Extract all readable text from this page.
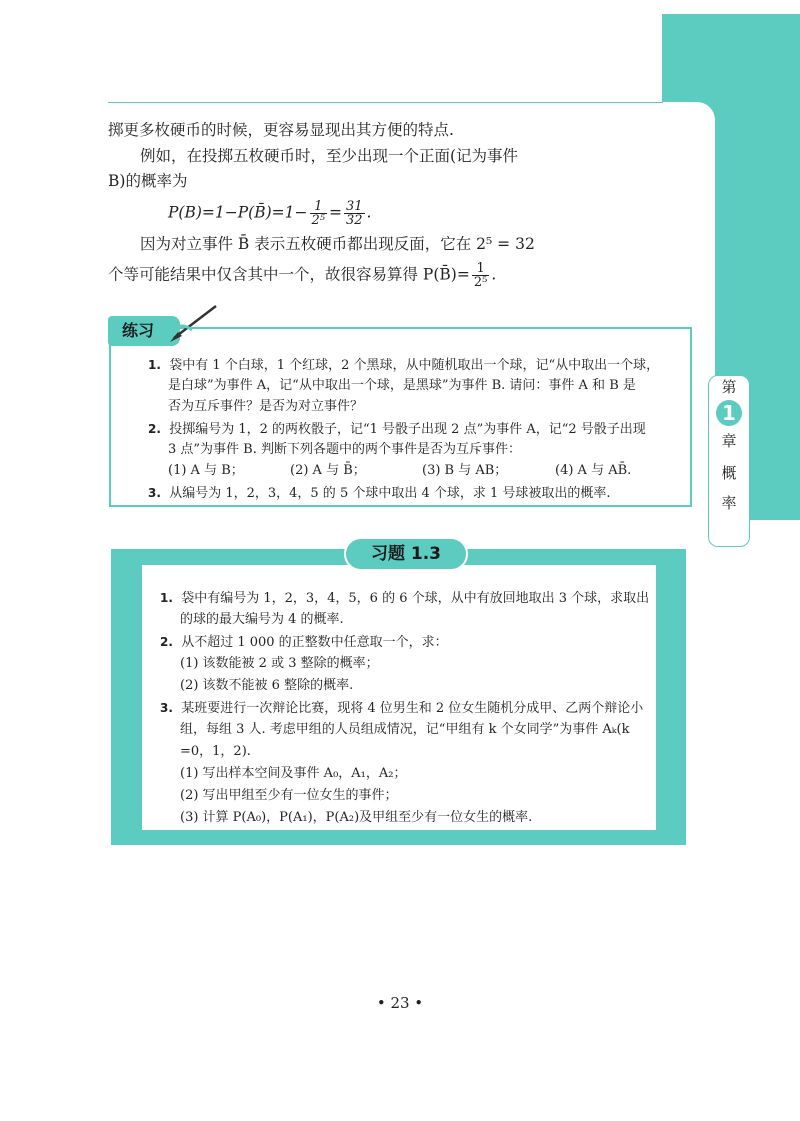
第
1
章
概
率
掷更多枚硬币的时候，更容易显现出其方便的特点.
例如，在投掷五枚硬币时，至少出现一个正面(记为事件
B)的概率为
P(B)=1−P(B̄)=1− $\frac{1}{\text{2⁵}} = \frac{31}{32}$ .
因为对立事件 B̄ 表示五枚硬币都出现反面，它在 2⁵ = 32
个等可能结果中仅含其中一个，故很容易算得 P(B̄)= $\frac{1}{\text{2⁵}}$ .
练习
1. 袋中有 1 个白球，1 个红球，2 个黑球，从中随机取出一个球，记“从中取出一个球，
是白球”为事件 A，记“从中取出一个球，是黑球”为事件 B. 请问：事件 A 和 B 是
否为互斥事件？是否为对立事件？
2. 投掷编号为 1，2 的两枚骰子，记“1 号骰子出现 2 点”为事件 A，记“2 号骰子出现
3 点”为事件 B. 判断下列各题中的两个事件是否为互斥事件：
(1) A 与 B；	(2) A 与 B̄；	(3) B 与 AB；	(4) A 与 AB̄.
3. 从编号为 1，2，3，4，5 的 5 个球中取出 4 个球，求 1 号球被取出的概率.
习题 1.3
1. 袋中有编号为 1，2，3，4，5，6 的 6 个球，从中有放回地取出 3 个球，求取出
的球的最大编号为 4 的概率.
2. 从不超过 1 000 的正整数中任意取一个，求：
(1) 该数能被 2 或 3 整除的概率；
(2) 该数不能被 6 整除的概率.
3. 某班要进行一次辩论比赛，现将 4 位男生和 2 位女生随机分成甲、乙两个辩论小
组，每组 3 人. 考虑甲组的人员组成情况，记“甲组有 k 个女同学”为事件 Aₖ(k
=0，1，2).
(1) 写出样本空间及事件 A₀，A₁，A₂；
(2) 写出甲组至少有一位女生的事件；
(3) 计算 P(A₀)，P(A₁)，P(A₂)及甲组至少有一位女生的概率.
• 23 •
